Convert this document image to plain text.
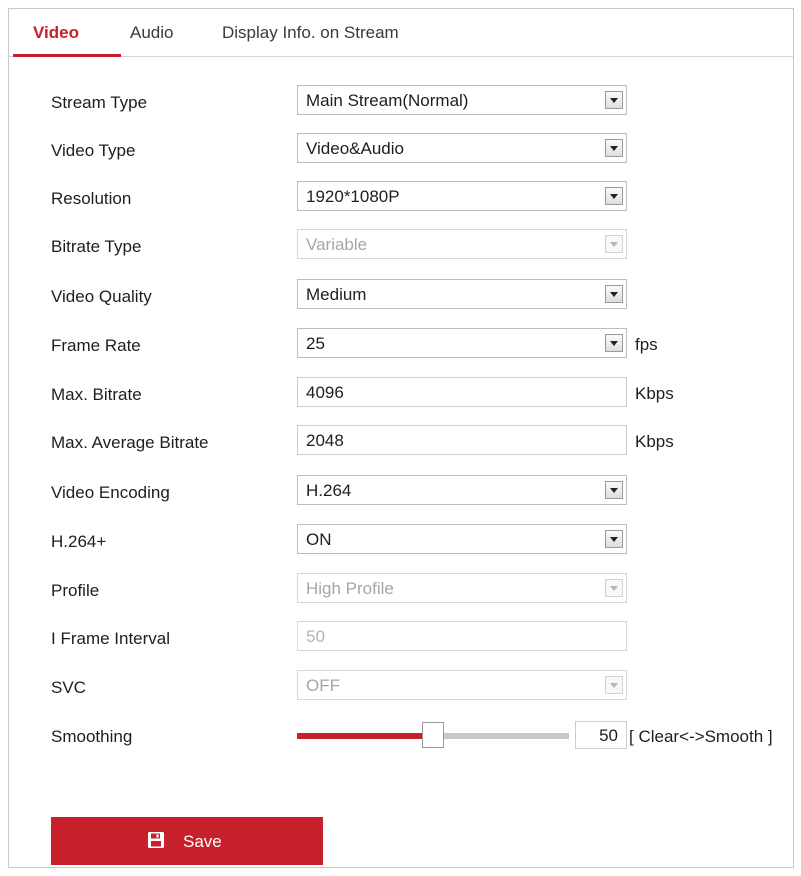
Video	Audio	Display Info. on Stream
Stream Type	Main Stream(Normal)
Video Type	Video&Audio
Resolution	1920*1080P
Bitrate Type	Variable
Video Quality	Medium
Frame Rate	25	fps
Max. Bitrate	4096	Kbps
Max. Average Bitrate	2048	Kbps
Video Encoding	H.264
H.264+	ON
Profile	High Profile
I Frame Interval	50
SVC	OFF
Smoothing	50 [ Clear<->Smooth ]
Save
